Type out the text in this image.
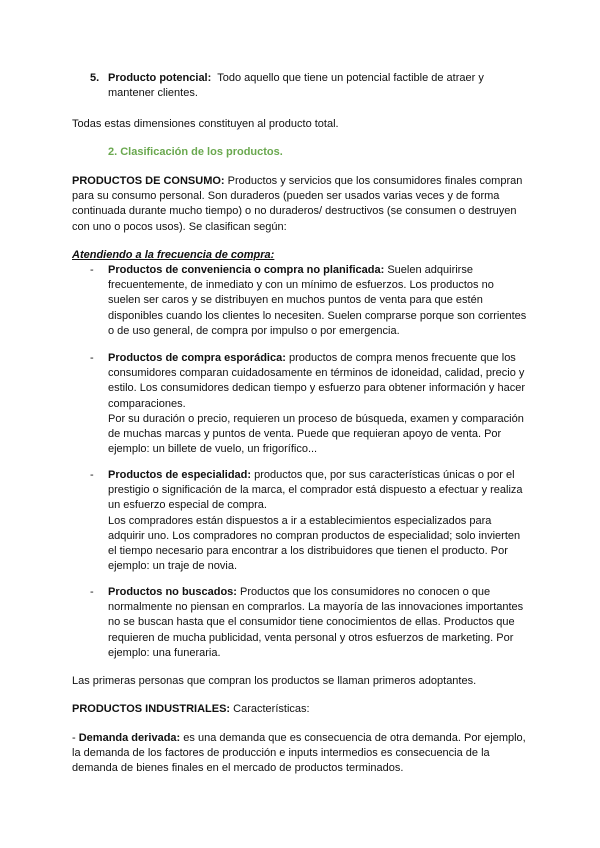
5. Producto potencial: Todo aquello que tiene un potencial factible de atraer y mantener clientes.

Todas estas dimensiones constituyen al producto total.

2. Clasificación de los productos.

PRODUCTOS DE CONSUMO: Productos y servicios que los consumidores finales compran para su consumo personal. Son duraderos (pueden ser usados varias veces y de forma continuada durante mucho tiempo) o no duraderos/ destructivos (se consumen o destruyen con uno o pocos usos). Se clasifican según:

Atendiendo a la frecuencia de compra:

- Productos de conveniencia o compra no planificada: Suelen adquirirse frecuentemente, de inmediato y con un mínimo de esfuerzos. Los productos no suelen ser caros y se distribuyen en muchos puntos de venta para que estén disponibles cuando los clientes lo necesiten. Suelen comprarse porque son corrientes o de uso general, de compra por impulso o por emergencia.

- Productos de compra esporádica: productos de compra menos frecuente que los consumidores comparan cuidadosamente en términos de idoneidad, calidad, precio y estilo. Los consumidores dedican tiempo y esfuerzo para obtener información y hacer comparaciones.
Por su duración o precio, requieren un proceso de búsqueda, examen y comparación de muchas marcas y puntos de venta. Puede que requieran apoyo de venta. Por ejemplo: un billete de vuelo, un frigorífico...

- Productos de especialidad: productos que, por sus características únicas o por el prestigio o significación de la marca, el comprador está dispuesto a efectuar y realiza un esfuerzo especial de compra.
Los compradores están dispuestos a ir a establecimientos especializados para adquirir uno. Los compradores no compran productos de especialidad; solo invierten el tiempo necesario para encontrar a los distribuidores que tienen el producto. Por ejemplo: un traje de novia.

- Productos no buscados: Productos que los consumidores no conocen o que normalmente no piensan en comprarlos. La mayoría de las innovaciones importantes no se buscan hasta que el consumidor tiene conocimientos de ellas. Productos que requieren de mucha publicidad, venta personal y otros esfuerzos de marketing. Por ejemplo: una funeraria.

Las primeras personas que compran los productos se llaman primeros adoptantes.

PRODUCTOS INDUSTRIALES: Características:

- Demanda derivada: es una demanda que es consecuencia de otra demanda. Por ejemplo, la demanda de los factores de producción e inputs intermedios es consecuencia de la demanda de bienes finales en el mercado de productos terminados.
